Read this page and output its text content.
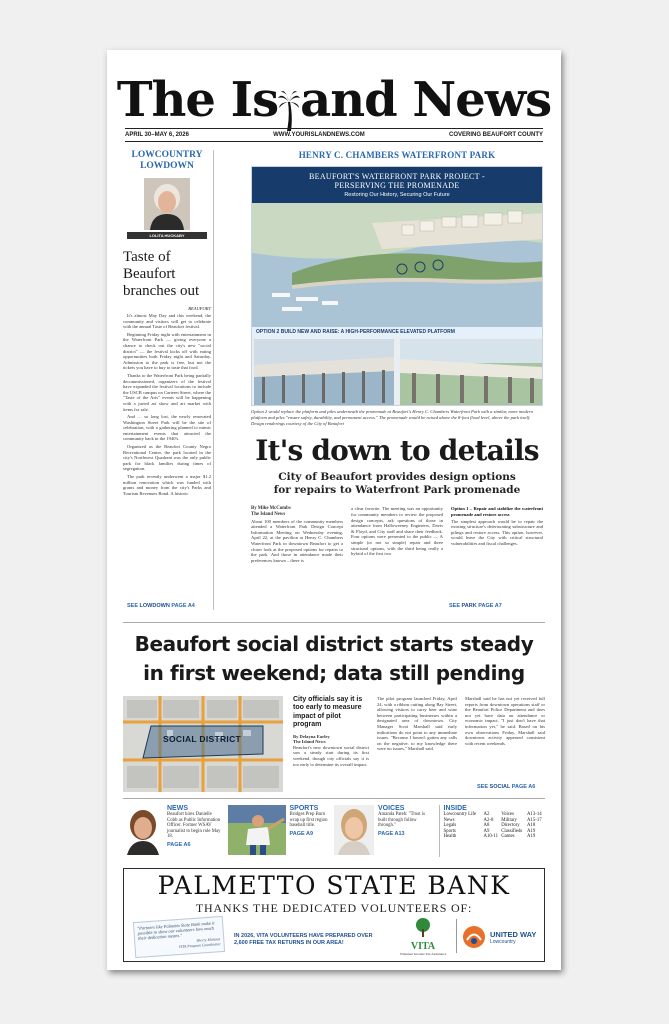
The Is and News
APRIL 30–MAY 6, 2026	WWW.YOURISLANDNEWS.COM	COVERING BEAUFORT COUNTY
LOWCOUNTRY
LOWDOWN
LOLITA HUCKABY
Taste of Beaufort branches out
BEAUFORT

It's almost May Day and this weekend, the community and visitors will get to celebrate with the annual Taste of Beaufort festival.

Beginning Friday night with entertainment in the Waterfront Park — giving everyone a chance to check out the city's new "social district" — the festival kicks off with eating opportunities both Friday night and Saturday. Admission to the park is free, but not the tickets you have to buy to taste that food.

Thanks to the Waterfront Park being partially decommissioned, organizers of the festival have expanded the festival locations to include the USCB campus on Carteret Street, where the "Taste of the Arts" events will be happening with a juried art show and art market with items for sale.

And … so long lost, the newly renovated Washington Street Park will be the site of celebration, with a gathering planned to mimic entertainment events that attracted the community back in the 1940's.

Organized as the Beaufort County Negro Recreational Center, the park located in the city's Northwest Quadrant was the only public park for black families during times of segregation.

The park recently underwent a major $1.2 million renovation which was funded with grants and money from the city's Parks and Tourism Revenues Bond. A historic

SEE LOWDOWN PAGE A4
HENRY C. CHAMBERS WATERFRONT PARK
BEAUFORT'S WATERFRONT PARK PROJECT -
PERSERVING THE PROMENADE
Restoring Our History, Securing Our Future
OPTION 2 BUILD NEW AND RAISE: A HIGH-PERFORMANCE ELEVATED PLATFORM
Option 2 would replace the platform and piles underneath the promenade at Beaufort's Henry C. Chambers Waterfront Park with a similar, more modern platform and piles "ensure safety, durability, and permanent access." The promenade would be raised above the 8-foot flood level, above the park itself. Design renderings courtesy of the City of Beaufort
It's down to details
City of Beaufort provides design options
for repairs to Waterfront Park promenade
By Mike McCombs
The Island News
About 100 members of the community members attended a Waterfront Park Design Concept Information Meeting on Wednesday evening, April 22, at the pavilion at Henry C. Chambers Waterfront Park in downtown Beaufort to get a closer look at the proposed options for repairs to the park. And those in attendance made their preferences known – there is
a clear favorite. The meeting was an opportunity for community members to review the proposed design concepts, ask questions of those in attendance from Halloweeney Engineers, Davis & Floyd, and City staff and share their feedback. Four options were presented to the public — A simple (or not so simple) repair and three structural options, with the third being really a hybrid of the first two
Option 1 – Repair and stabilize the waterfront promenade and restore access
The simplest approach would be to repair the existing structure's deteriorating substructure and pilings and restore access. This option, however, would leave the City with critical structural vulnerabilities and fiscal challenges.
SEE PARK PAGE A7
Beaufort social district starts steady in first weekend; data still pending
SOCIAL DISTRICT
City officials say it is too early to measure impact of pilot program
By Delayna Earley
The Island News
Beaufort's new downtown social district saw a steady start during its first weekend, though city officials say it is too early to determine its overall impact.
The pilot program launched Friday, April 24, with a ribbon cutting along Bay Street, allowing visitors to carry beer and wine between participating businesses within a designated area of downtown. City Manager Scott Marshall said early indications do not point to any immediate issues. "Because I haven't gotten any calls on the negative, to my knowledge there were no issues," Marshall said.
Marshall said he has not yet received full reports from downtown operations staff or the Beaufort Police Department and does not yet have data on attendance or economic impact. "I just don't have that information yet," he said. Based on his own observations Friday, Marshall said downtown activity appeared consistent with recent weekends.
SEE SOCIAL PAGE A6
NEWS
Beaufort hires Danielle Cobb as Public Information Officer. Former WSAV journalist to begin role May 18.
PAGE A6
SPORTS
Bridges Prep Burn wrap up first region baseball title.
PAGE A9
VOICES
Amanda Pateh: "Trust is built through follow through."
PAGE A13
INSIDE
Lowcountry Life	A2	Voices	A13-14
News	A2-8	Military	A15-17
Legals	A8	Directory	A18
Sports	A9	Classifieds	A19
Health	A10-11	Games	A19
PALMETTO STATE BANK
THANKS THE DEDICATED VOLUNTEERS OF:
"Partners like Palmetto State Bank make it possible to show our volunteers how much their dedication means."	Sherry Mattaux
VITA Program Coordinator
IN 2026, VITA VOLUNTEERS HAVE PREPARED OVER 2,600 FREE TAX RETURNS IN OUR AREA!	VITA
Volunteer Income Tax Assistance
UNITED WAY
Lowcountry
